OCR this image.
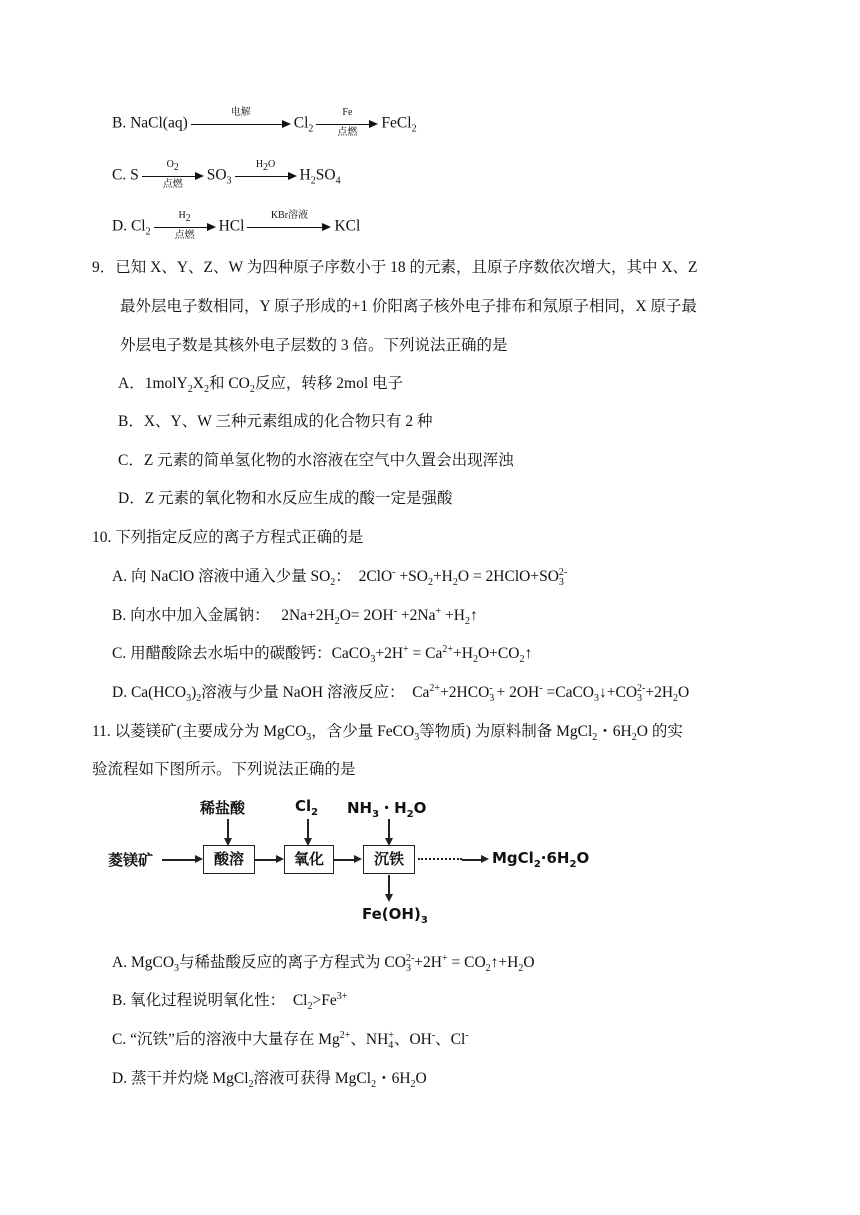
B. NaCl(aq)
电解
$Cl_2$
Fe
点燃
FeCl$_2$
C. S
$O_2$
点燃
$SO_3$
$H_2O$
$H_2SO_4$
D. $Cl_2$
$H_2$
点燃
HCl
KBr溶液
KCl
9．已知 X、Y、Z、W 为四种原子序数小于 18 的元素，且原子序数依次增大，其中 X、Z
最外层电子数相同，Y 原子形成的+1 价阳离子核外电子排布和氖原子相同，X 原子最
外层电子数是其核外电子层数的 3 倍。下列说法正确的是
A．$1molY_2X_2$和 $CO_2$反应，转移 2mol 电子
B．X、Y、W 三种元素组成的化合物只有 2 种
C．Z 元素的简单氢化物的水溶液在空气中久置会出现浑浊
D．Z 元素的氧化物和水反应生成的酸一定是强酸
10. 下列指定反应的离子方程式正确的是
A. 向 NaClO 溶液中通入少量 $SO_2$：  $2ClO^- +SO_2+H_2O$ = $2HClO+SO_3^{2-}$
B. 向水中加入金属钠： $2Na+2H_2O= 2OH^- +2Na^+$ $+H_2↑$
C. 用醋酸除去水垢中的碳酸钙：CaCO$_3$+2H+ = $Ca^{2+}+H_2O+CO_2↑$
D. $Ca(HCO_3)_2$溶液与少量 NaOH 溶液反应： $Ca^{2+}+2HCO_3^- + 2OH^-$ $=CaCO_3↓+CO_3^{2-}+2H_2O$
11. 以菱镁矿(主要成分为 MgCO$_3$，含少量 FeCO$_3$等物质) 为原料制备 MgCl$_2$・$6H_2O$ 的实
验流程如下图所示。下列说法正确的是
稀盐酸	$Cl_2$ $NH_3$・$H_2O$
菱镁矿	酸溶	氧化	沉铁	$MgCl_2\cdot 6H_2O$
$Fe(OH)_3$
A. MgCO$_3$与稀盐酸反应的离子方程式为 $CO_3^{2-}+2H^+$ = $CO_2↑+H_2O$
B. 氧化过程说明氧化性： $Cl_2>Fe^{3+}$
C. “沉铁”后的溶液中大量存在 $Mg^{2+}$、$NH_4^+$、OH-、Cl-
D. 蒸干并灼烧 MgCl$_2$溶液可获得 MgCl$_2$・$6H_2O$
